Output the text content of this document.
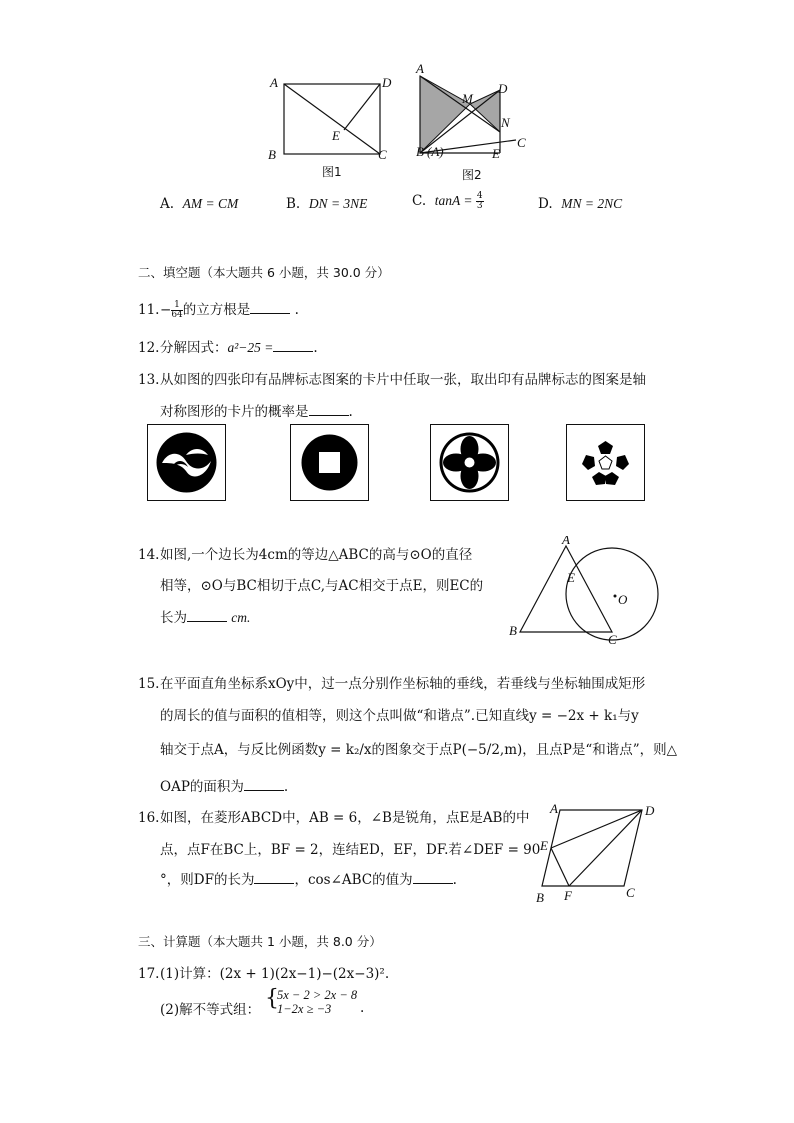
A	D
B	C
E
图1
A
M
D
N
C
B (A)	E
图2
A. AM = CM	B. DN = 3NE	C. $\tan A = \frac{4}{3}$	D. MN = 2NC
二、填空题（本大题共 6 小题，共 30.0 分）
$11.- \frac{1}{64}$ 的立方根是	.
12.分解因式：a²−25 =	.
13.从如图的四张印有品牌标志图案的卡片中任取一张，取出印有品牌标志的图案是轴
对称图形的卡片的概率是	.
14.如图,一个边长为4cm的等边△ABC的高与⊙O的直径
相等，⊙O与BC相切于点C,与AC相交于点E，则EC的
长为	cm.
A
E
O
B
C
15.在平面直角坐标系xOy中，过一点分别作坐标轴的垂线，若垂线与坐标轴围成矩形
的周长的值与面积的值相等，则这个点叫做“和谐点”.已知直线y = −2x + k₁与y
轴交于点A，与反比例函数y = k₂/x的图象交于点P(−5/2,m)，且点P是“和谐点”，则△
OAP的面积为	.
16.如图，在菱形ABCD中，AB = 6，∠B是锐角，点E是AB的中
点，点F在BC上，BF = 2，连结ED，EF，DF.若∠DEF = 90
°，则DF的长为	，cos∠ABC的值为	.
A	D
E
B F	C
三、计算题（本大题共 1 小题，共 8.0 分）
17.(1)计算：(2x + 1)(2x−1)−(2x−3)².
(2)解不等式组： {
5x − 2 > 2x − 8
1−2x ≥ −3	.
